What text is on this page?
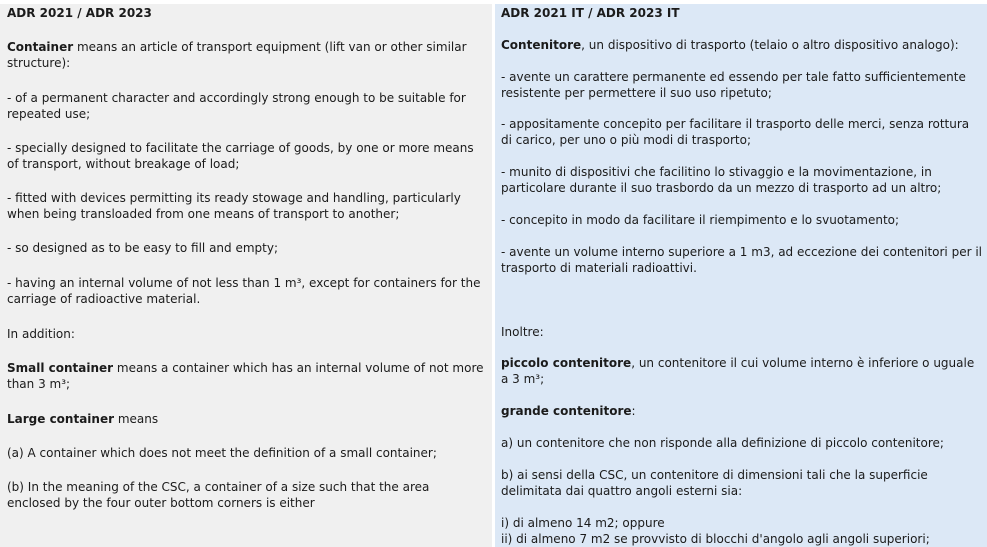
ADR 2021 / ADR 2023

Container means an article of transport equipment (lift van or other similar structure):

- of a permanent character and accordingly strong enough to be suitable for repeated use;

- specially designed to facilitate the carriage of goods, by one or more means of transport, without breakage of load;

- fitted with devices permitting its ready stowage and handling, particularly when being transloaded from one means of transport to another;

- so designed as to be easy to fill and empty;

- having an internal volume of not less than 1 m³, except for containers for the carriage of radioactive material.

In addition:

Small container means a container which has an internal volume of not more than 3 m³;

Large container means

(a) A container which does not meet the definition of a small container;

(b) In the meaning of the CSC, a container of a size such that the area enclosed by the four outer bottom corners is either

ADR 2021 IT / ADR 2023 IT

Contenitore, un dispositivo di trasporto (telaio o altro dispositivo analogo):

- avente un carattere permanente ed essendo per tale fatto sufficientemente resistente per permettere il suo uso ripetuto;

- appositamente concepito per facilitare il trasporto delle merci, senza rottura di carico, per uno o più modi di trasporto;

- munito di dispositivi che facilitino lo stivaggio e la movimentazione, in particolare durante il suo trasbordo da un mezzo di trasporto ad un altro;

- concepito in modo da facilitare il riempimento e lo svuotamento;

- avente un volume interno superiore a 1 m3, ad eccezione dei contenitori per il trasporto di materiali radioattivi.

Inoltre:

piccolo contenitore, un contenitore il cui volume interno è inferiore o uguale a 3 m³;

grande contenitore:

a) un contenitore che non risponde alla definizione di piccolo contenitore;

b) ai sensi della CSC, un contenitore di dimensioni tali che la superficie delimitata dai quattro angoli esterni sia:

i) di almeno 14 m2; oppure

ii) di almeno 7 m2 se provvisto di blocchi d'angolo agli angoli superiori;
